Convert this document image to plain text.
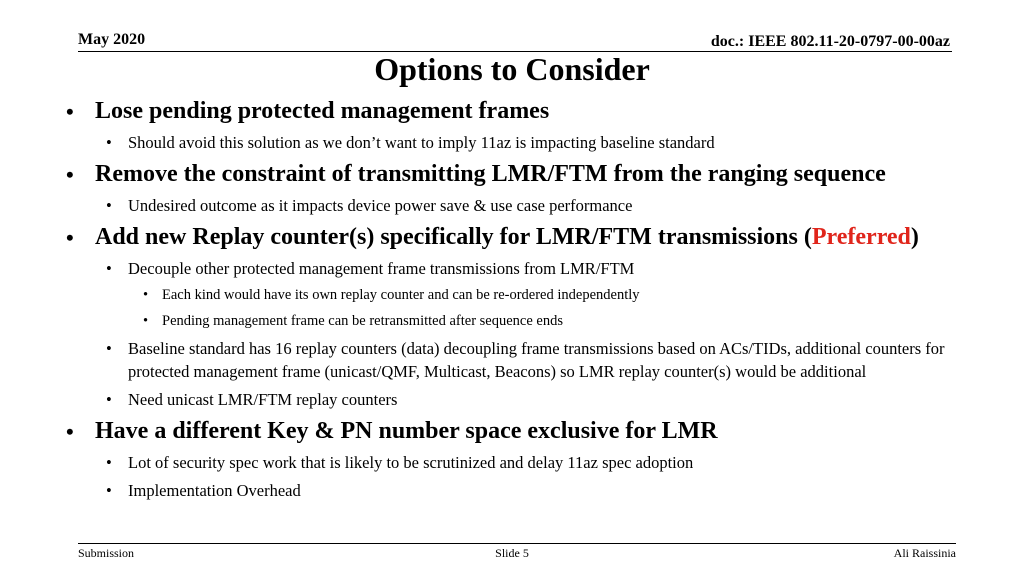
May 2020	doc.: IEEE 802.11-20-0797-00-00az
Options to Consider
• Lose pending protected management frames
• Should avoid this solution as we don’t want to imply 11az is impacting baseline standard
• Remove the constraint of transmitting LMR/FTM from the ranging sequence
• Undesired outcome as it impacts device power save & use case performance
• Add new Replay counter(s) specifically for LMR/FTM transmissions (Preferred)
• Decouple other protected management frame transmissions from LMR/FTM
• Each kind would have its own replay counter and can be re-ordered independently
• Pending management frame can be retransmitted after sequence ends
• Baseline standard has 16 replay counters (data) decoupling frame transmissions based on ACs/TIDs, additional counters for protected management frame (unicast/QMF, Multicast, Beacons) so LMR replay counter(s) would be additional
• Need unicast LMR/FTM replay counters
• Have a different Key & PN number space exclusive for LMR
• Lot of security spec work that is likely to be scrutinized and delay 11az spec adoption
• Implementation Overhead
Submission	Slide 5	Ali Raissinia
